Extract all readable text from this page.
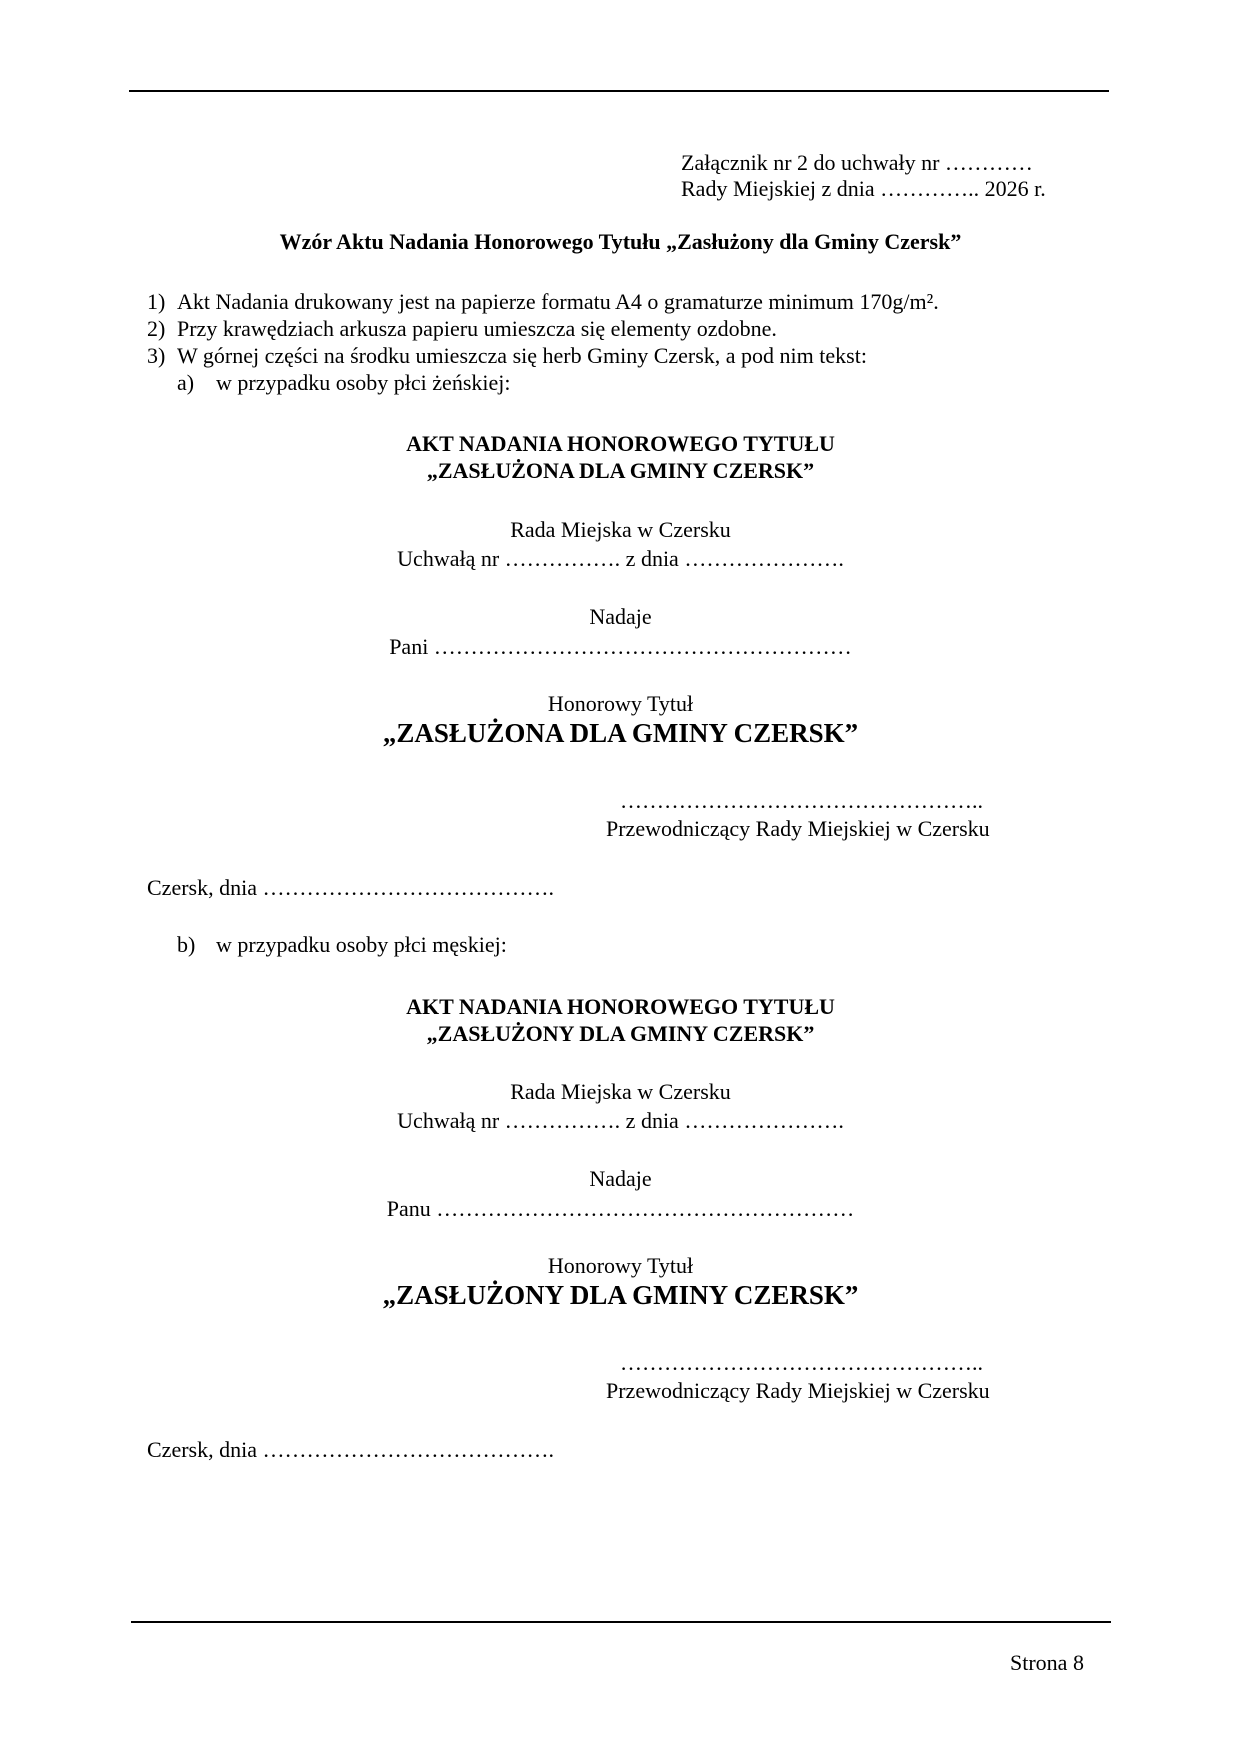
Załącznik nr 2 do uchwały nr …………
Rady Miejskiej z dnia ………….. 2026 r.
Wzór Aktu Nadania Honorowego Tytułu „Zasłużony dla Gminy Czersk”
1) Akt Nadania drukowany jest na papierze formatu A4 o gramaturze minimum 170g/m².
2) Przy krawędziach arkusza papieru umieszcza się elementy ozdobne.
3) W górnej części na środku umieszcza się herb Gminy Czersk, a pod nim tekst:
a) w przypadku osoby płci żeńskiej:
AKT NADANIA HONOROWEGO TYTUŁU
„ZASŁUŻONA DLA GMINY CZERSK”
Rada Miejska w Czersku
Uchwałą nr ……………. z dnia ………………….
Nadaje
Pani …………………………………………………
Honorowy Tytuł
„ZASŁUŻONA DLA GMINY CZERSK”
…………………………………………..
Przewodniczący Rady Miejskiej w Czersku
Czersk, dnia ………………………………….
b) w przypadku osoby płci męskiej:
AKT NADANIA HONOROWEGO TYTUŁU
„ZASŁUŻONY DLA GMINY CZERSK”
Rada Miejska w Czersku
Uchwałą nr ……………. z dnia ………………….
Nadaje
Panu …………………………………………………
Honorowy Tytuł
„ZASŁUŻONY DLA GMINY CZERSK”
…………………………………………..
Przewodniczący Rady Miejskiej w Czersku
Czersk, dnia ………………………………….
Strona 8
